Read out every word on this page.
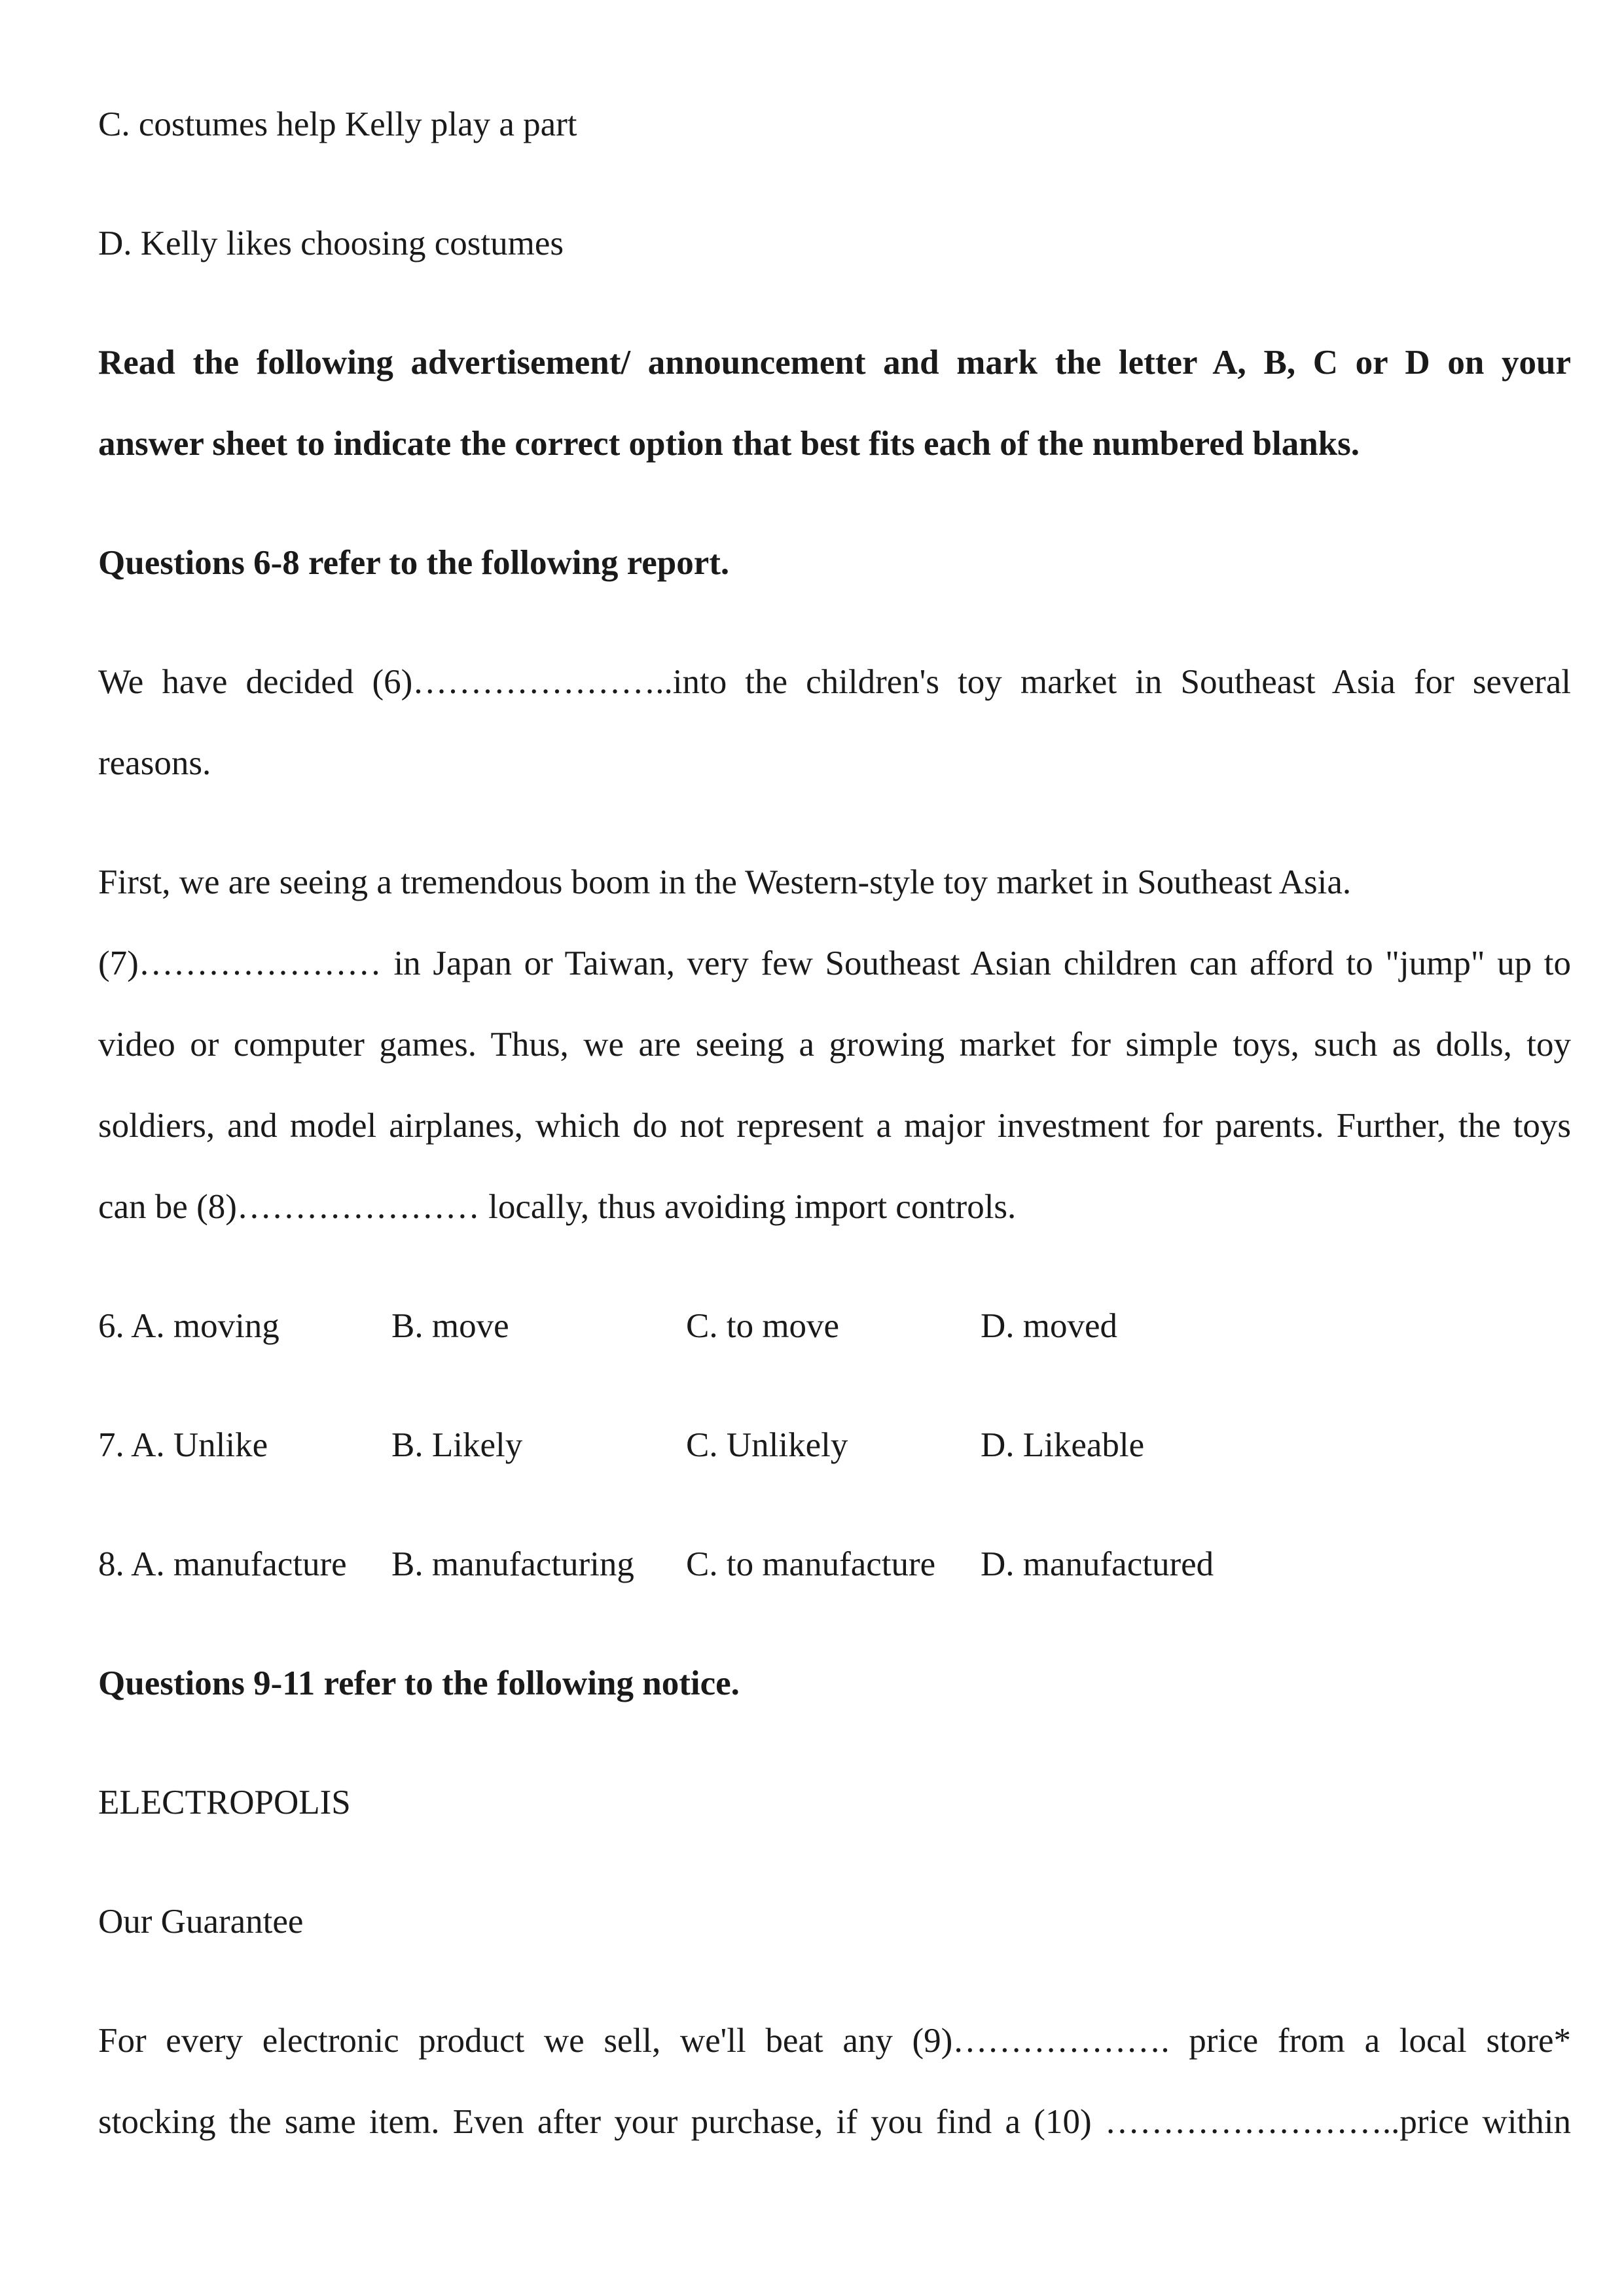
C. costumes help Kelly play a part
D. Kelly likes choosing costumes
Read the following advertisement/ announcement and mark the letter A, B, C or D on your
answer sheet to indicate the correct option that best fits each of the numbered blanks.
Questions 6-8 refer to the following report.
We have decided (6)…………………..into the children's toy market in Southeast Asia for several
reasons.
First, we are seeing a tremendous boom in the Western-style toy market in Southeast Asia.
(7)………………… in Japan or Taiwan, very few Southeast Asian children can afford to "jump" up to
video or computer games. Thus, we are seeing a growing market for simple toys, such as dolls, toy
soldiers, and model airplanes, which do not represent a major investment for parents. Further, the toys
can be (8)………………… locally, thus avoiding import controls.
6. A. moving	B. move	C. to move	D. moved
7. A. Unlike	B. Likely	C. Unlikely	D. Likeable
8. A. manufacture B. manufacturing C. to manufacture D. manufactured
Questions 9-11 refer to the following notice.
ELECTROPOLIS
Our Guarantee
For every electronic product we sell, we'll beat any (9)………………. price from a local store*
stocking the same item. Even after your purchase, if you find a (10) ……………………..price within
